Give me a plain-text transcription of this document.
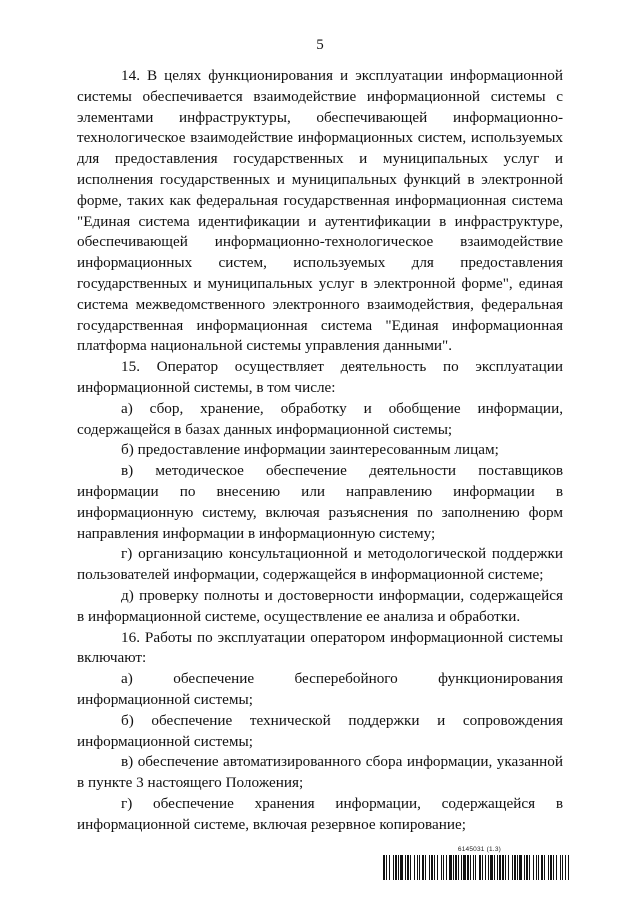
5

14. В целях функционирования и эксплуатации информационной системы обеспечивается взаимодействие информационной системы с элементами инфраструктуры, обеспечивающей информационно-технологическое взаимодействие информационных систем, используемых для предоставления государственных и муниципальных услуг и исполнения государственных и муниципальных функций в электронной форме, таких как федеральная государственная информационная система "Единая система идентификации и аутентификации в инфраструктуре, обеспечивающей информационно-технологическое взаимодействие информационных систем, используемых для предоставления государственных и муниципальных услуг в электронной форме", единая система межведомственного электронного взаимодействия, федеральная государственная информационная система "Единая информационная платформа национальной системы управления данными".

15. Оператор осуществляет деятельность по эксплуатации информационной системы, в том числе:

а) сбор, хранение, обработку и обобщение информации, содержащейся в базах данных информационной системы;

б) предоставление информации заинтересованным лицам;

в) методическое обеспечение деятельности поставщиков информации по внесению или направлению информации в информационную систему, включая разъяснения по заполнению форм направления информации в информационную систему;

г) организацию консультационной и методологической поддержки пользователей информации, содержащейся в информационной системе;

д) проверку полноты и достоверности информации, содержащейся в информационной системе, осуществление ее анализа и обработки.

16. Работы по эксплуатации оператором информационной системы включают:

а) обеспечение бесперебойного функционирования информационной системы;

б) обеспечение технической поддержки и сопровождения информационной системы;

в) обеспечение автоматизированного сбора информации, указанной в пункте 3 настоящего Положения;

г) обеспечение хранения информации, содержащейся в информационной системе, включая резервное копирование;

6145031 (1.3)
